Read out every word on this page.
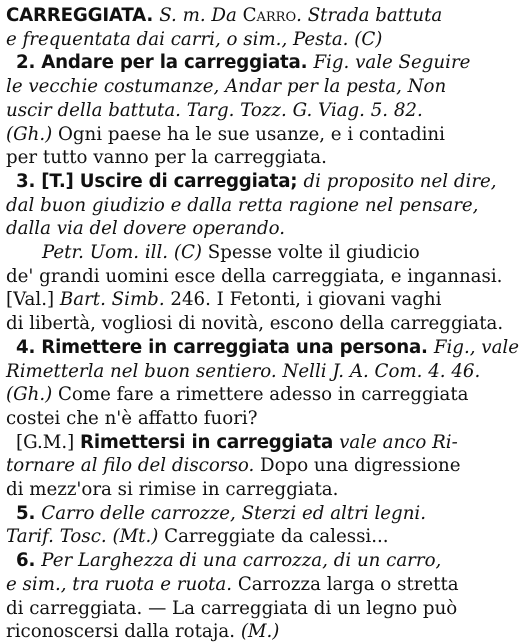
CARREGGIATA. S. m. Da Carro. Strada battuta
e frequentata dai carri, o sim., Pesta. (C)
2. Andare per la carreggiata. Fig. vale Seguire
le vecchie costumanze, Andar per la pesta, Non
uscir della battuta. Targ. Tozz. G. Viag. 5. 82.
(Gh.) Ogni paese ha le sue usanze, e i contadini
per tutto vanno per la carreggiata.
3. [T.] Uscire di carreggiata; di proposito nel dire,
dal buon giudizio e dalla retta ragione nel pensare,
dalla via del dovere operando.
Petr. Uom. ill. (C) Spesse volte il giudicio
de' grandi uomini esce della carreggiata, e ingannasi.
[Val.] Bart. Simb. 246. I Fetonti, i giovani vaghi
di libertà, vogliosi di novità, escono della carreggiata.
4. Rimettere in carreggiata una persona. Fig., vale
Rimetterla nel buon sentiero. Nelli J. A. Com. 4. 46.
(Gh.) Come fare a rimettere adesso in carreggiata
costei che n'è affatto fuori?
[G.M.] Rimettersi in carreggiata vale anco Ri-
tornare al filo del discorso. Dopo una digressione
di mezz'ora si rimise in carreggiata.
5. Carro delle carrozze, Sterzi ed altri legni.
Tarif. Tosc. (Mt.) Carreggiate da calessi...
6. Per Larghezza di una carrozza, di un carro,
e sim., tra ruota e ruota. Carrozza larga o stretta
di carreggiata. — La carreggiata di un legno può
riconoscersi dalla rotaja. (M.)
